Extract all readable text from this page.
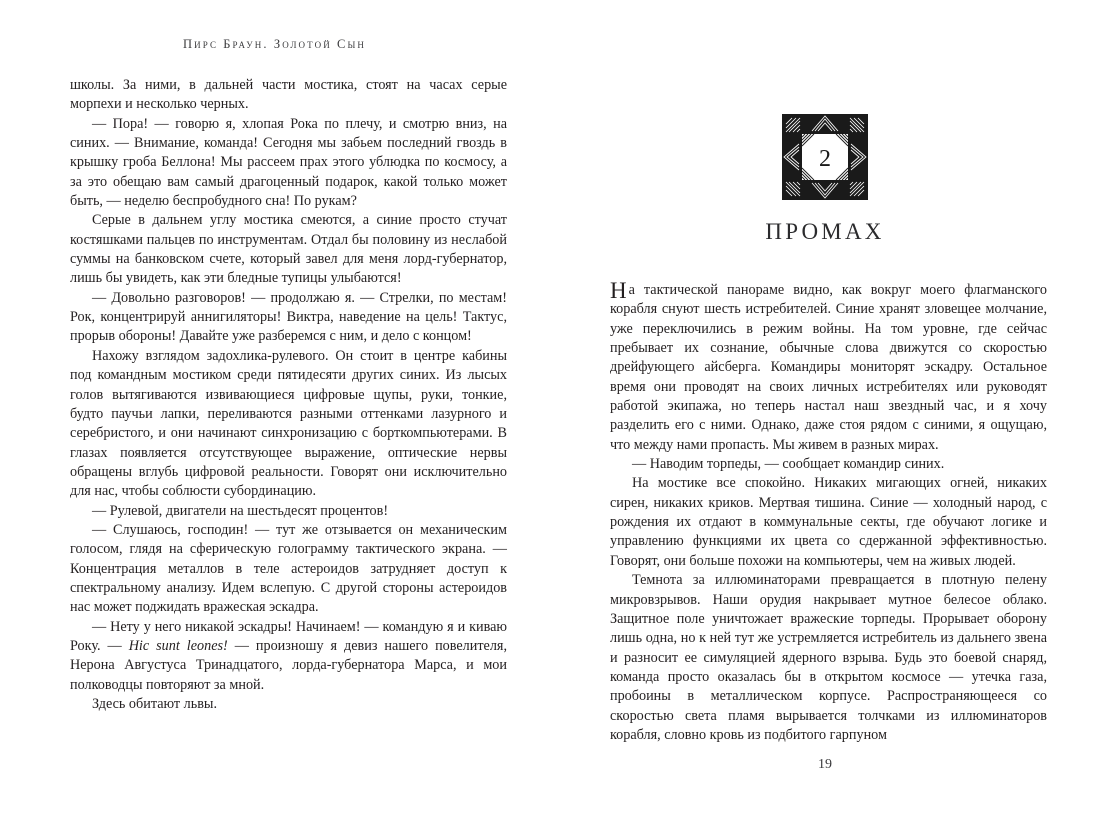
Пирс Браун. Золотой Сын

школы. За ними, в дальней части мостика, стоят на часах серые морпехи и несколько черных.

— Пора! — говорю я, хлопая Рока по плечу, и смотрю вниз, на синих. — Внимание, команда! Сегодня мы забьем последний гвоздь в крышку гроба Беллона! Мы рассеем прах этого ублюдка по космосу, а за это обещаю вам самый драгоценный подарок, какой только может быть, — неделю беспробудного сна! По рукам?

Серые в дальнем углу мостика смеются, а синие просто стучат костяшками пальцев по инструментам. Отдал бы половину из неслабой суммы на банковском счете, который завел для меня лорд-губернатор, лишь бы увидеть, как эти бледные тупицы улыбаются!

— Довольно разговоров! — продолжаю я. — Стрелки, по местам! Рок, концентрируй аннигиляторы! Виктра, наведение на цель! Тактус, прорыв обороны! Давайте уже разберемся с ним, и дело с концом!

Нахожу взглядом задохлика-рулевого. Он стоит в центре кабины под командным мостиком среди пятидесяти других синих. Из лысых голов вытягиваются извивающиеся цифровые щупы, руки, тонкие, будто паучьи лапки, переливаются разными оттенками лазурного и серебристого, и они начинают синхронизацию с борткомпьютерами. В глазах появляется отсутствующее выражение, оптические нервы обращены вглубь цифровой реальности. Говорят они исключительно для нас, чтобы соблюсти субординацию.

— Рулевой, двигатели на шестьдесят процентов!

— Слушаюсь, господин! — тут же отзывается он механическим голосом, глядя на сферическую голограмму тактического экрана. — Концентрация металлов в теле астероидов затрудняет доступ к спектральному анализу. Идем вслепую. С другой стороны астероидов нас может поджидать вражеская эскадра.

— Нету у него никакой эскадры! Начинаем! — командую я и киваю Року. — Hic sunt leones! — произношу я девиз нашего повелителя, Нерона Августуса Тринадцатого, лорда-губернатора Марса, и мои полководцы повторяют за мной.

Здесь обитают львы.

2
ПРОМАХ

На тактической панораме видно, как вокруг моего флагманского корабля снуют шесть истребителей. Синие хранят зловещее молчание, уже переключились в режим войны. На том уровне, где сейчас пребывает их сознание, обычные слова движутся со скоростью дрейфующего айсберга. Командиры мониторят эскадру. Остальное время они проводят на своих личных истребителях или руководят работой экипажа, но теперь настал наш звездный час, и я хочу разделить его с ними. Однако, даже стоя рядом с синими, я ощущаю, что между нами пропасть. Мы живем в разных мирах.

— Наводим торпеды, — сообщает командир синих.

На мостике все спокойно. Никаких мигающих огней, никаких сирен, никаких криков. Мертвая тишина. Синие — холодный народ, с рождения их отдают в коммунальные секты, где обучают логике и управлению функциями их цвета со сдержанной эффективностью. Говорят, они больше похожи на компьютеры, чем на живых людей.

Темнота за иллюминаторами превращается в плотную пелену микровзрывов. Наши орудия накрывает мутное белесое облако. Защитное поле уничтожает вражеские торпеды. Прорывает оборону лишь одна, но к ней тут же устремляется истребитель из дальнего звена и разносит ее симуляцией ядерного взрыва. Будь это боевой снаряд, команда просто оказалась бы в открытом космосе — утечка газа, пробоины в металлическом корпусе. Распространяющееся со скоростью света пламя вырывается толчками из иллюминаторов корабля, словно кровь из подбитого гарпуном

19
